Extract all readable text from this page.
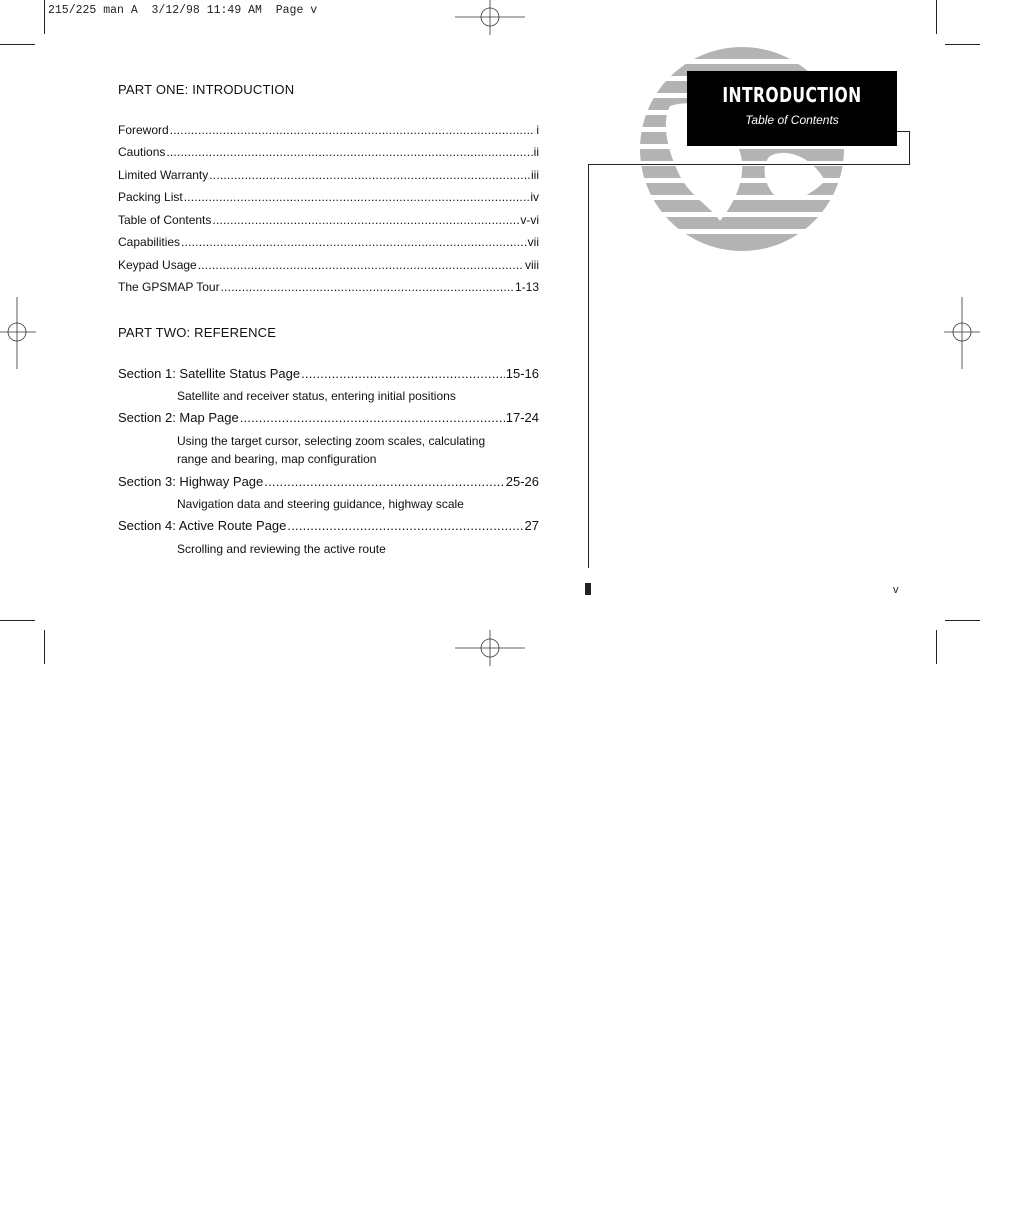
215/225 man A  3/12/98 11:49 AM  Page v
INTRODUCTION
Table of Contents
PART ONE: INTRODUCTION
Foreword .....	i
Cautions .....	ii
Limited Warranty .....	iii
Packing List .....	iv
Table of Contents .....	v-vi
Capabilities .....	vii
Keypad Usage .....	viii
The GPSMAP Tour .....	1-13
PART TWO: REFERENCE
Section 1: Satellite Status Page .....	15-16
Satellite and receiver status, entering initial positions
Section 2: Map Page .....	17-24
Using the target cursor, selecting zoom scales, calculating range and bearing, map configuration
Section 3: Highway Page .....	25-26
Navigation data and steering guidance, highway scale
Section 4: Active Route Page .....	27
Scrolling and reviewing the active route
v
